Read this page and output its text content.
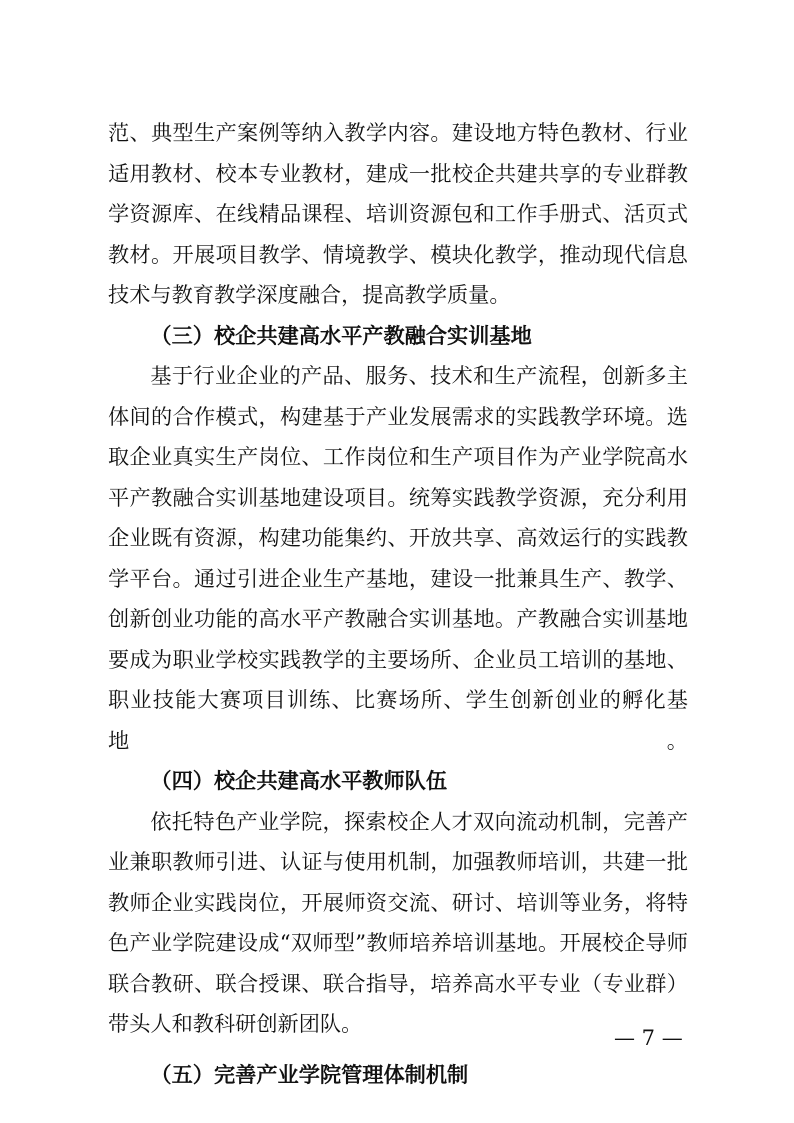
范、典型生产案例等纳入教学内容。建设地方特色教材、行业

适用教材、校本专业教材，建成一批校企共建共享的专业群教

学资源库、在线精品课程、培训资源包和工作手册式、活页式

教材。开展项目教学、情境教学、模块化教学，推动现代信息

技术与教育教学深度融合，提高教学质量。

（三）校企共建高水平产教融合实训基地

基于行业企业的产品、服务、技术和生产流程，创新多主

体间的合作模式，构建基于产业发展需求的实践教学环境。选

取企业真实生产岗位、工作岗位和生产项目作为产业学院高水

平产教融合实训基地建设项目。统筹实践教学资源，充分利用

企业既有资源，构建功能集约、开放共享、高效运行的实践教

学平台。通过引进企业生产基地，建设一批兼具生产、教学、

创新创业功能的高水平产教融合实训基地。产教融合实训基地

要成为职业学校实践教学的主要场所、企业员工培训的基地、

职业技能大赛项目训练、比赛场所、学生创新创业的孵化基地。

（四）校企共建高水平教师队伍

依托特色产业学院，探索校企人才双向流动机制，完善产

业兼职教师引进、认证与使用机制，加强教师培训，共建一批

教师企业实践岗位，开展师资交流、研讨、培训等业务，将特

色产业学院建设成“双师型”教师培养培训基地。开展校企导师

联合教研、联合授课、联合指导，培养高水平专业（专业群）

带头人和教科研创新团队。

（五）完善产业学院管理体制机制

— 7 —
